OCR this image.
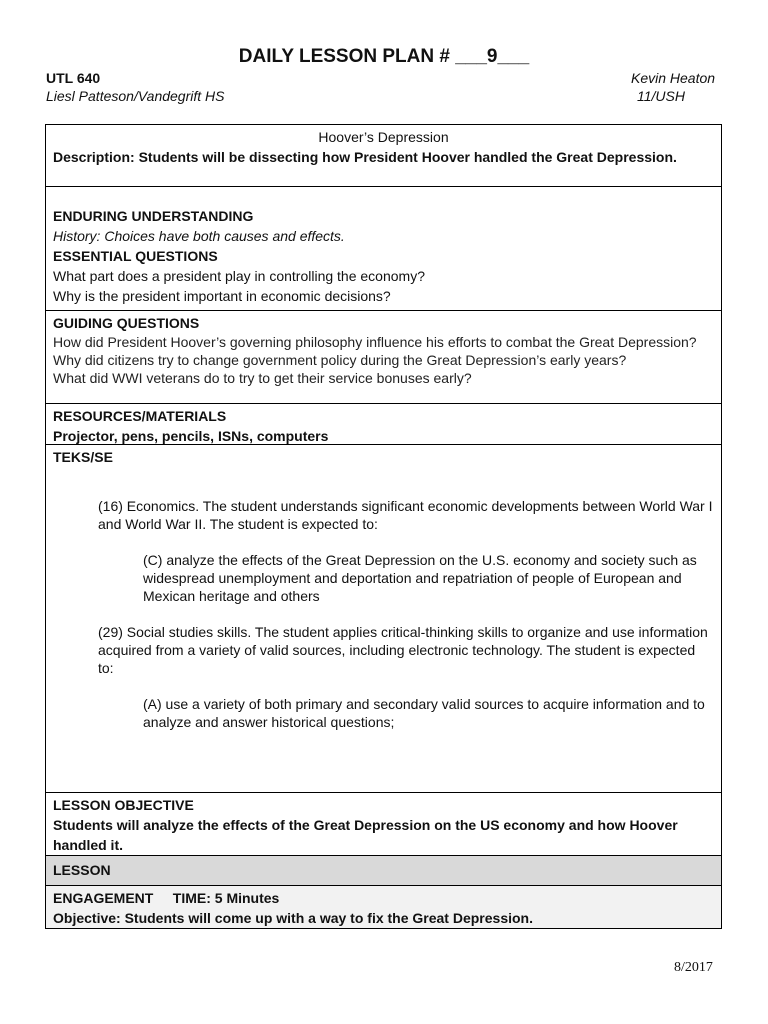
DAILY LESSON PLAN # ___9___
UTL 640
Liesl Patteson/Vandegrift HS
Kevin Heaton
11/USH
Hoover’s Depression
Description: Students will be dissecting how President Hoover handled the Great Depression.
ENDURING UNDERSTANDING
History: Choices have both causes and effects.
ESSENTIAL QUESTIONS
What part does a president play in controlling the economy?
Why is the president important in economic decisions?
GUIDING QUESTIONS
How did President Hoover’s governing philosophy influence his efforts to combat the Great Depression?
Why did citizens try to change government policy during the Great Depression’s early years?
What did WWI veterans do to try to get their service bonuses early?
RESOURCES/MATERIALS
Projector, pens, pencils, ISNs, computers
TEKS/SE
(16) Economics. The student understands significant economic developments between World War I and World War II. The student is expected to:
(C) analyze the effects of the Great Depression on the U.S. economy and society such as widespread unemployment and deportation and repatriation of people of European and Mexican heritage and others
(29) Social studies skills. The student applies critical-thinking skills to organize and use information acquired from a variety of valid sources, including electronic technology. The student is expected to:
(A) use a variety of both primary and secondary valid sources to acquire information and to analyze and answer historical questions;
LESSON OBJECTIVE
Students will analyze the effects of the Great Depression on the US economy and how Hoover handled it.
LESSON
ENGAGEMENT     TIME: 5 Minutes
Objective: Students will come up with a way to fix the Great Depression.
8/2017
